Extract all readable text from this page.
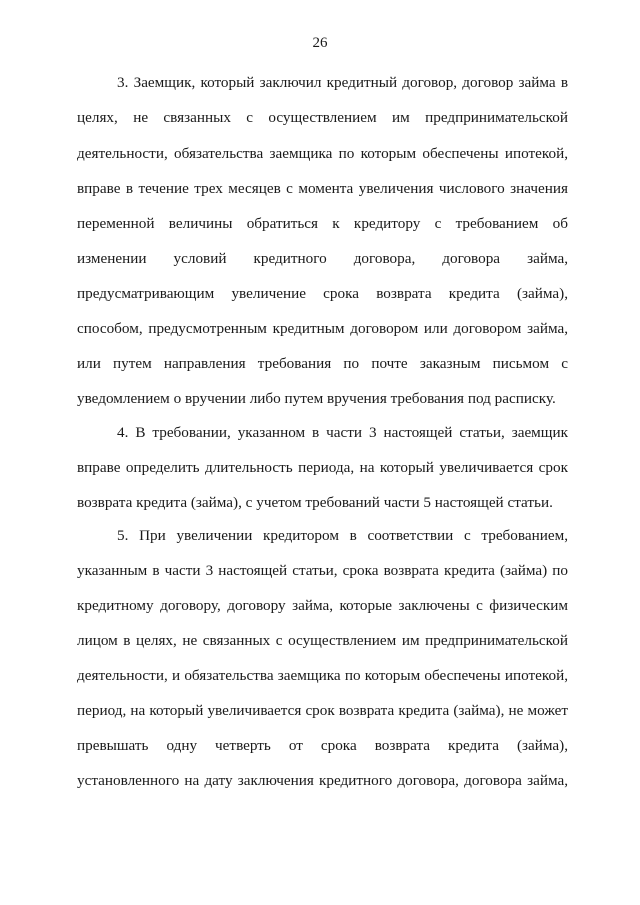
26
3. Заемщик, который заключил кредитный договор, договор займа в
целях, не связанных с осуществлением им предпринимательской
деятельности, обязательства заемщика по которым обеспечены ипотекой,
вправе в течение трех месяцев с момента увеличения числового значения
переменной величины обратиться к кредитору с требованием об
изменении условий кредитного договора, договора займа,
предусматривающим увеличение срока возврата кредита (займа),
способом, предусмотренным кредитным договором или договором займа,
или путем направления требования по почте заказным письмом с
уведомлением о вручении либо путем вручения требования под расписку.
4. В требовании, указанном в части 3 настоящей статьи, заемщик
вправе определить длительность периода, на который увеличивается срок
возврата кредита (займа), с учетом требований части 5 настоящей статьи.
5. При увеличении кредитором в соответствии с требованием,
указанным в части 3 настоящей статьи, срока возврата кредита (займа) по
кредитному договору, договору займа, которые заключены с физическим
лицом в целях, не связанных с осуществлением им предпринимательской
деятельности, и обязательства заемщика по которым обеспечены ипотекой,
период, на который увеличивается срок возврата кредита (займа), не может
превышать одну четверть от срока возврата кредита (займа),
установленного на дату заключения кредитного договора, договора займа,
